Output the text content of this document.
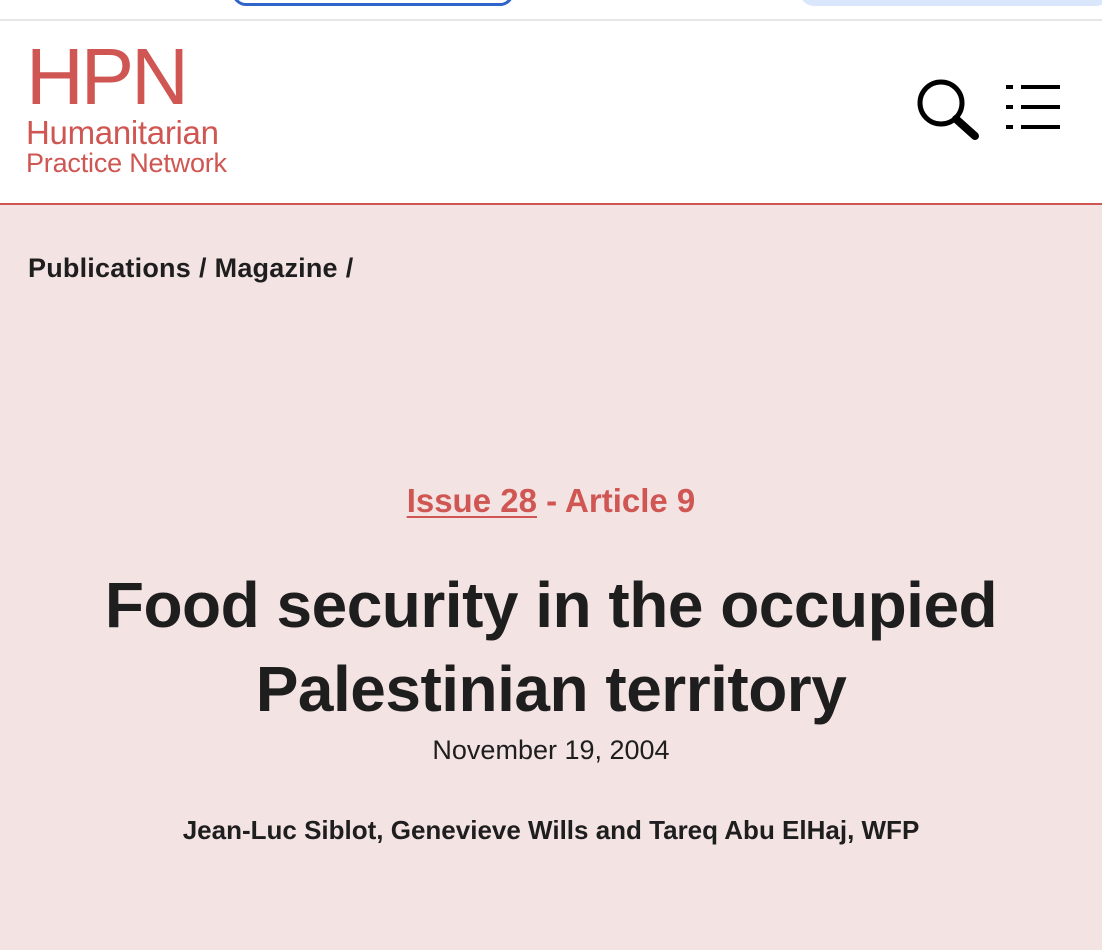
HPN
Humanitarian
Practice Network
Publications / Magazine /
Issue 28 - Article 9
Food security in the occupied Palestinian territory
November 19, 2004
Jean-Luc Siblot, Genevieve Wills and Tareq Abu ElHaj, WFP
